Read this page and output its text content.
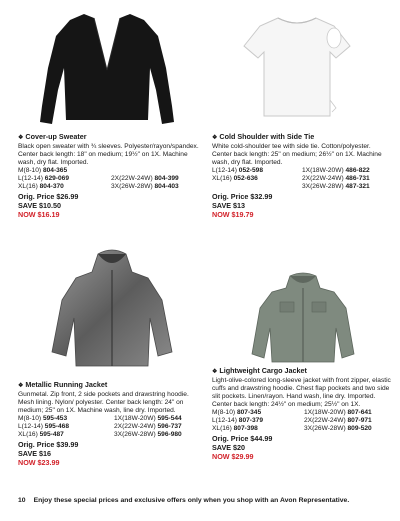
❖ Cover-up Sweater
Black open sweater with ¾ sleeves. Polyester/rayon/spandex. Center back length: 18" on medium; 19½" on 1X. Machine wash, dry flat. Imported.
M(8-10) 804-365
L(12-14) 629-069
XL(16) 804-370

2X(22W-24W) 804-399
3X(26W-28W) 804-403
Orig. Price $26.99
SAVE $10.50
NOW $16.19
❖ Cold Shoulder with Side Tie
White cold-shoulder tee with side tie. Cotton/polyester. Center back length: 25" on medium; 26½" on 1X. Machine wash, dry flat. Imported.
L(12-14) 052-598
XL(16) 052-636
1X(18W-20W) 486-822
2X(22W-24W) 486-731
3X(26W-28W) 487-321
Orig. Price $32.99
SAVE $13
NOW $19.79
❖ Metallic Running Jacket
Gunmetal. Zip front, 2 side pockets and drawstring hoodie. Mesh lining. Nylon/ polyester. Center back length: 24" on medium; 25" on 1X. Machine wash, line dry. Imported.
M(8-10) 595-453
L(12-14) 595-468
XL(16) 595-487
1X(18W-20W) 595-544
2X(22W-24W) 596-737
3X(26W-28W) 596-980
Orig. Price $39.99
SAVE $16
NOW $23.99
❖ Lightweight Cargo Jacket
Light-olive-colored long-sleeve jacket with front zipper, elastic cuffs and drawstring hoodie. Chest flap pockets and two side slit pockets. Linen/rayon. Hand wash, line dry. Imported. Center back length: 24½" on medium; 25½" on 1X.
M(8-10) 807-345
L(12-14) 807-379
XL(16) 807-398
1X(18W-20W) 807-641
2X(22W-24W) 807-971
3X(26W-28W) 809-520
Orig. Price $44.99
SAVE $20
NOW $29.99
10 Enjoy these special prices and exclusive offers only when you shop with an Avon Representative.
